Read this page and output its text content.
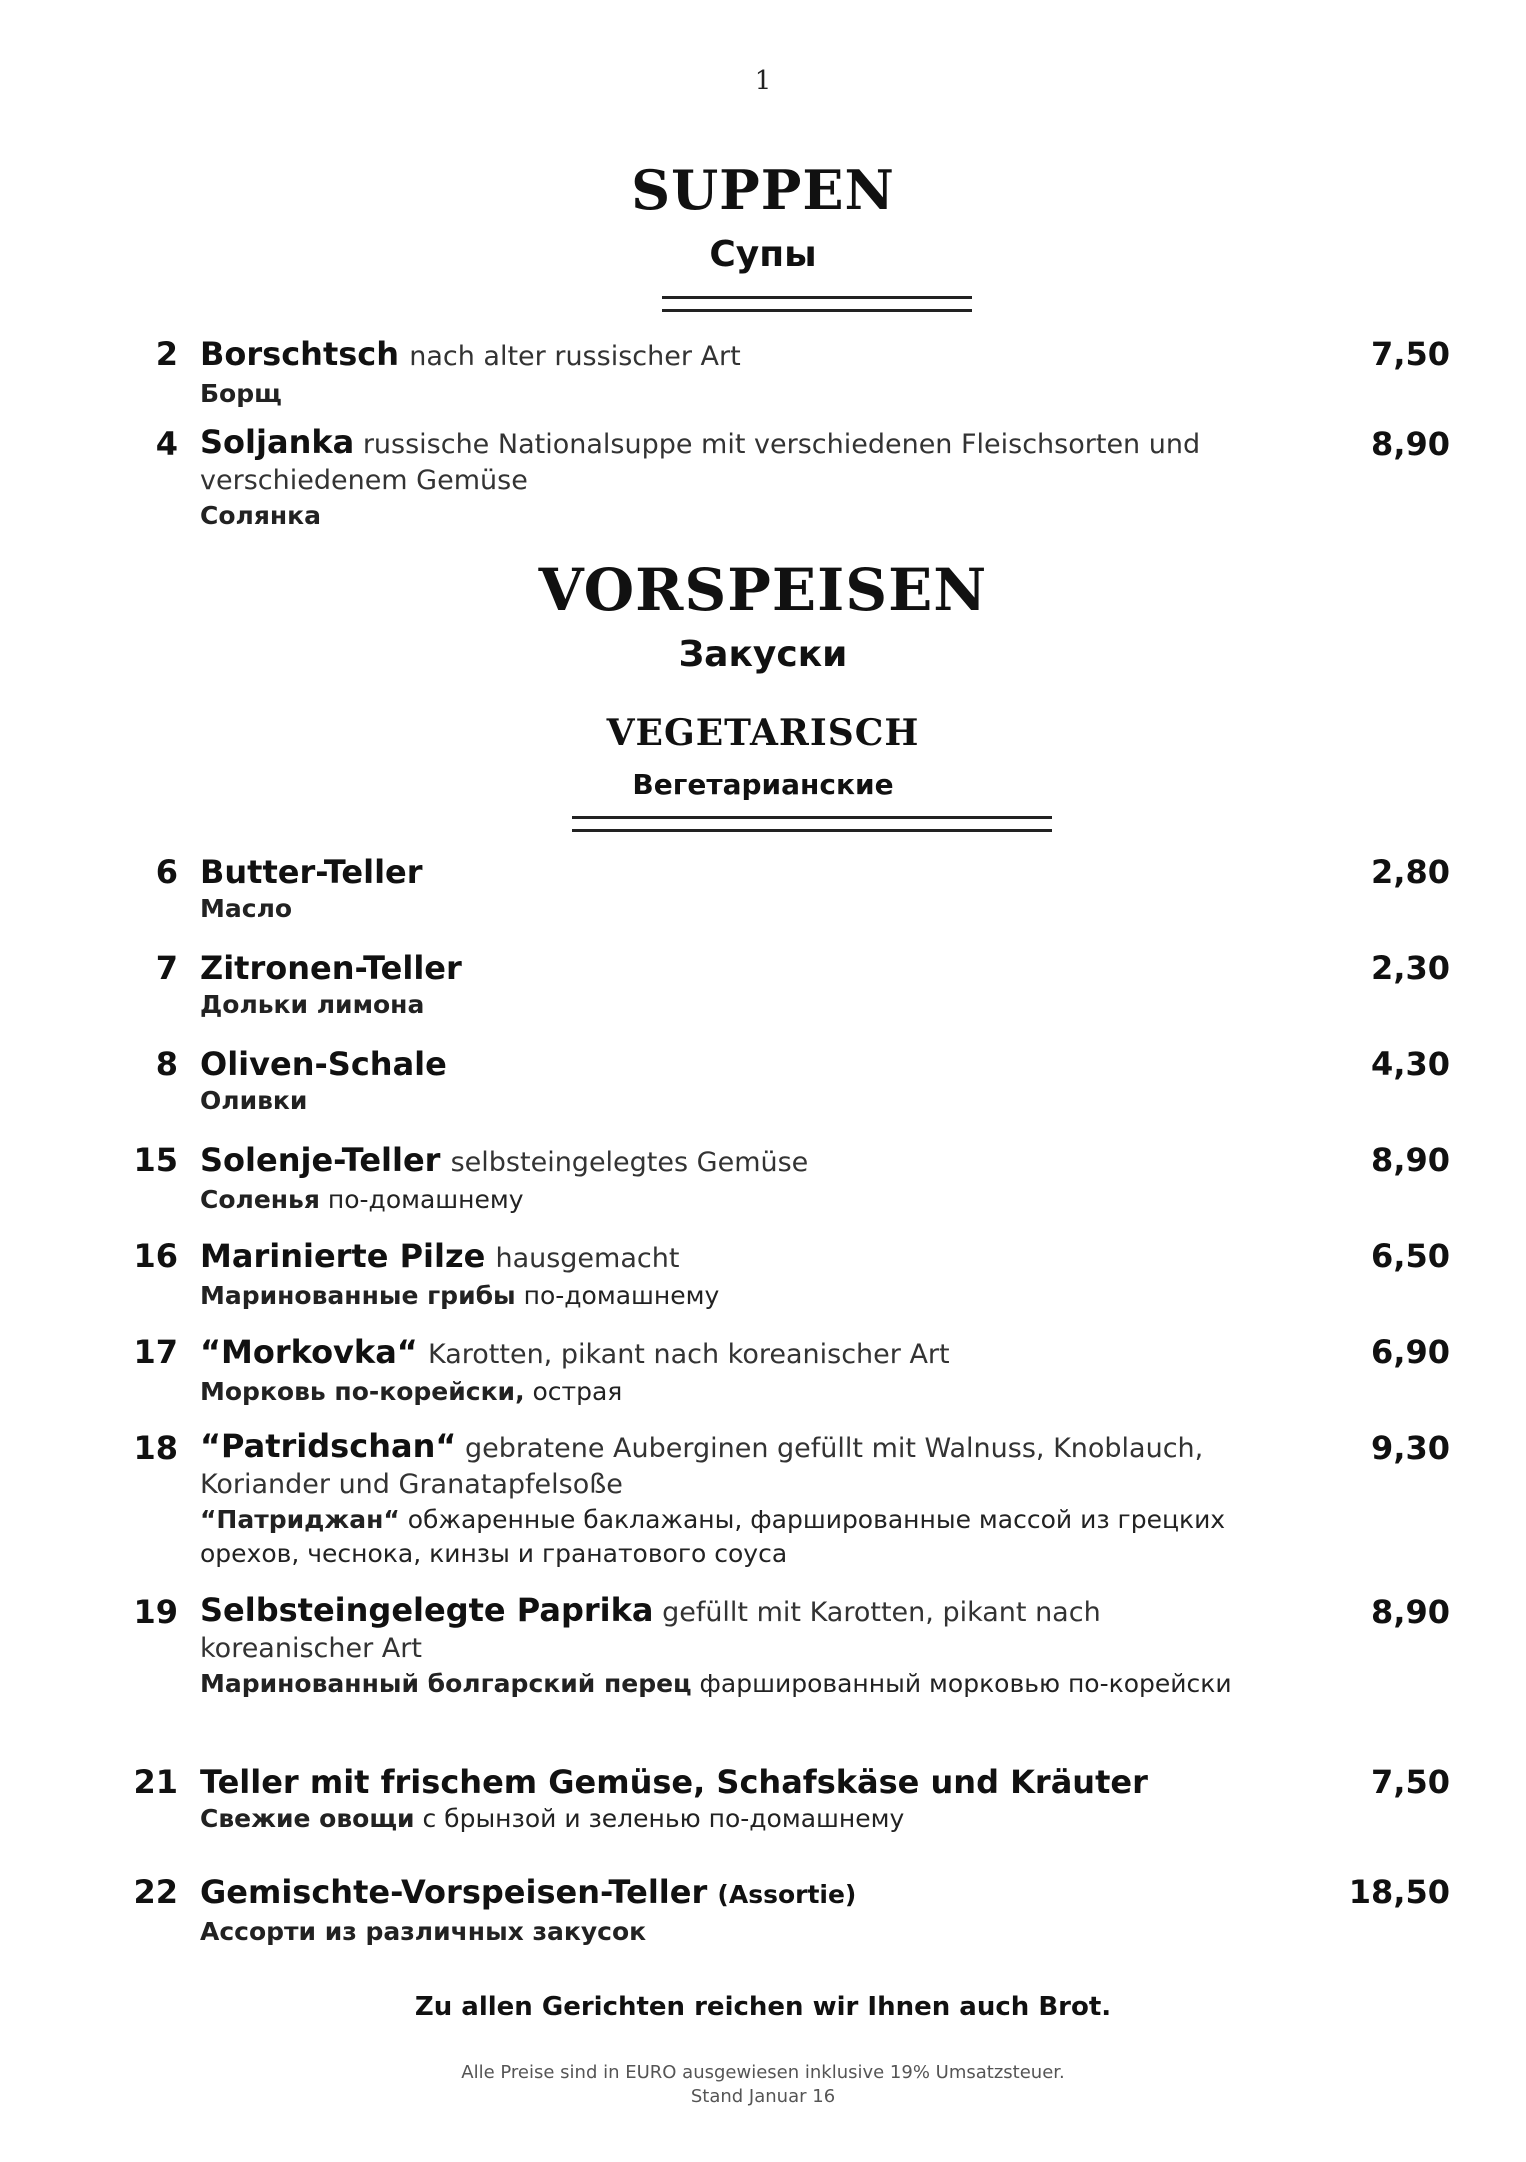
1
SUPPEN
Супы
2 Borschtsch nach alter russischer Art
Борщ
7,50
4 Soljanka russische Nationalsuppe mit verschiedenen Fleischsorten und verschiedenem Gemüse
Солянка
8,90
VORSPEISEN
Закуски
VEGETARISCH
Вегетарианские
6 Butter-Teller
Масло
2,80
7 Zitronen-Teller
Дольки лимона
2,30
8 Oliven-Schale
Оливки
4,30
15 Solenje-Teller selbsteingelegtes Gemüse
Соленья по-домашнему
8,90
16 Marinierte Pilze hausgemacht
Маринованные грибы по-домашнему
6,50
17 “Morkovka“ Karotten, pikant nach koreanischer Art
Морковь по-корейски, острая
6,90
18 “Patridschan“ gebratene Auberginen gefüllt mit Walnuss, Knoblauch, Koriander und Granatapfelsoße
“Патриджан“ обжаренные баклажаны, фаршированные массой из грецких орехов, чеснока, кинзы и гранатового соуса
9,30
19 Selbsteingelegte Paprika gefüllt mit Karotten, pikant nach koreanischer Art
Маринованный болгарский перец фаршированный морковью по-корейски
8,90
21 Teller mit frischem Gemüse, Schafskäse und Kräuter
Свежие овощи с брынзой и зеленью по-домашнему
7,50
22 Gemischte-Vorspeisen-Teller (Assortie)
Ассорти из различных закусок
18,50
Zu allen Gerichten reichen wir Ihnen auch Brot.
Alle Preise sind in EURO ausgewiesen inklusive 19% Umsatzsteuer.
Stand Januar 16
